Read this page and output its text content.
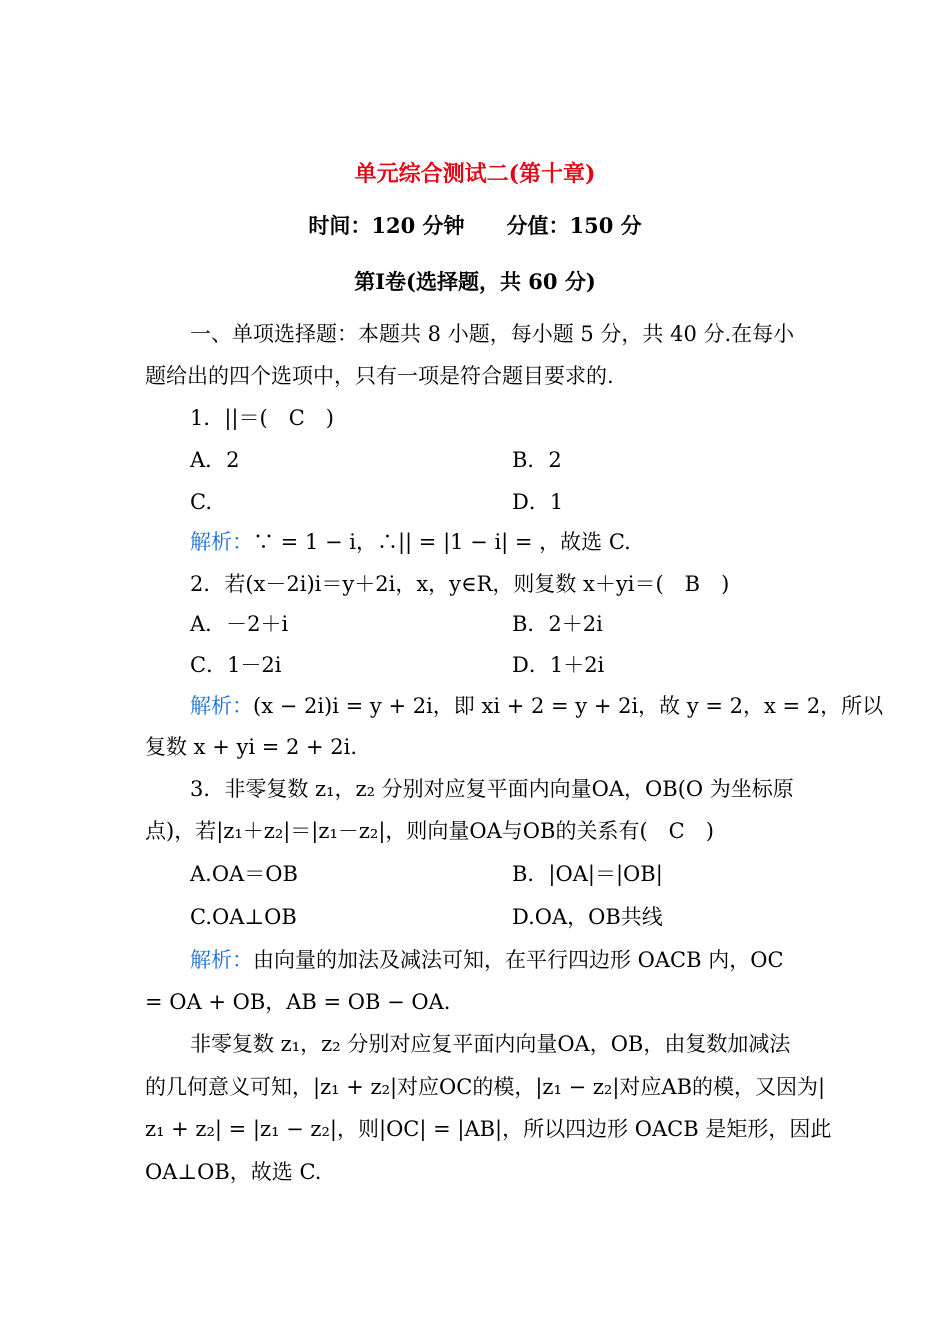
单元综合测试二(第十章)
时间：120 分钟　　分值：150 分
第Ⅰ卷(选择题，共 60 分)
一、单项选择题：本题共 8 小题，每小题 5 分，共 40 分.在每小
题给出的四个选项中，只有一项是符合题目要求的.
1．||＝(　C　)
A．2	B．2
C.	D．1
解析：∵ = 1 − i，∴|| = |1 − i| = ，故选 C.
2．若(x－2i)i＝y＋2i，x，y∈R，则复数 x＋yi＝(　B　)
A．－2＋i	B．2＋2i
C．1－2i	D．1＋2i
解析：(x − 2i)i = y + 2i，即 xi + 2 = y + 2i，故 y = 2，x = 2，所以
复数 x + yi = 2 + 2i.
3．非零复数 z₁，z₂ 分别对应复平面内向量OA，OB(O 为坐标原
点)，若|z₁＋z₂|＝|z₁－z₂|，则向量OA与OB的关系有(　C　)
A.OA＝OB	B．|OA|＝|OB|
C.OA⊥OB	D.OA，OB共线
解析：由向量的加法及减法可知，在平行四边形 OACB 内，OC
= OA + OB，AB = OB − OA.
非零复数 z₁，z₂ 分别对应复平面内向量OA，OB，由复数加减法
的几何意义可知，|z₁ + z₂|对应OC的模，|z₁ − z₂|对应AB的模，又因为|
z₁ + z₂| = |z₁ − z₂|，则|OC| = |AB|，所以四边形 OACB 是矩形，因此
OA⊥OB，故选 C.
